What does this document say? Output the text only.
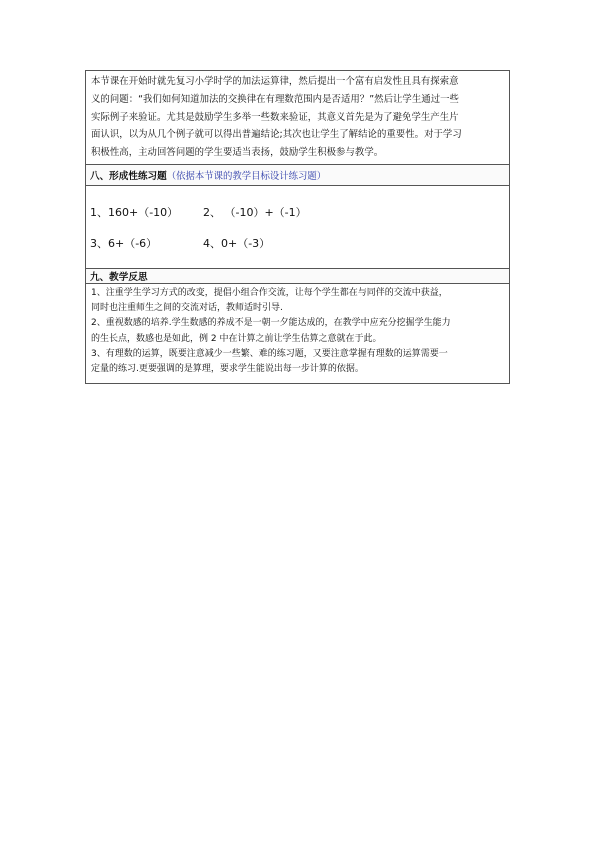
本节课在开始时就先复习小学时学的加法运算律，然后提出一个富有启发性且具有探索意

义的问题：“我们如何知道加法的交换律在有理数范围内是否适用？”然后让学生通过一些

实际例子来验证。尤其是鼓励学生多举一些数来验证，其意义首先是为了避免学生产生片

面认识，以为从几个例子就可以得出普遍结论;其次也让学生了解结论的重要性。对于学习

积极性高，主动回答问题的学生要适当表扬，鼓励学生积极参与教学。

八、形成性练习题 （依据本节课的教学目标设计练习题）
1、160+（-10）	2、 （-10）+（-1）
3、6+（-6）	4、0+（-3）
九、教学反思

1、注重学生学习方式的改变，提倡小组合作交流，让每个学生都在与同伴的交流中获益，

同时也注重师生之间的交流对话，教师适时引导.

2、重视数感的培养.学生数感的养成不是一朝一夕能达成的，在教学中应充分挖掘学生能力

的生长点，数感也是如此，例 2 中在计算之前让学生估算之意就在于此。

3、有理数的运算，既要注意减少一些繁、难的练习题，又要注意掌握有理数的运算需要一

定量的练习.更要强调的是算理，要求学生能说出每一步计算的依据。
